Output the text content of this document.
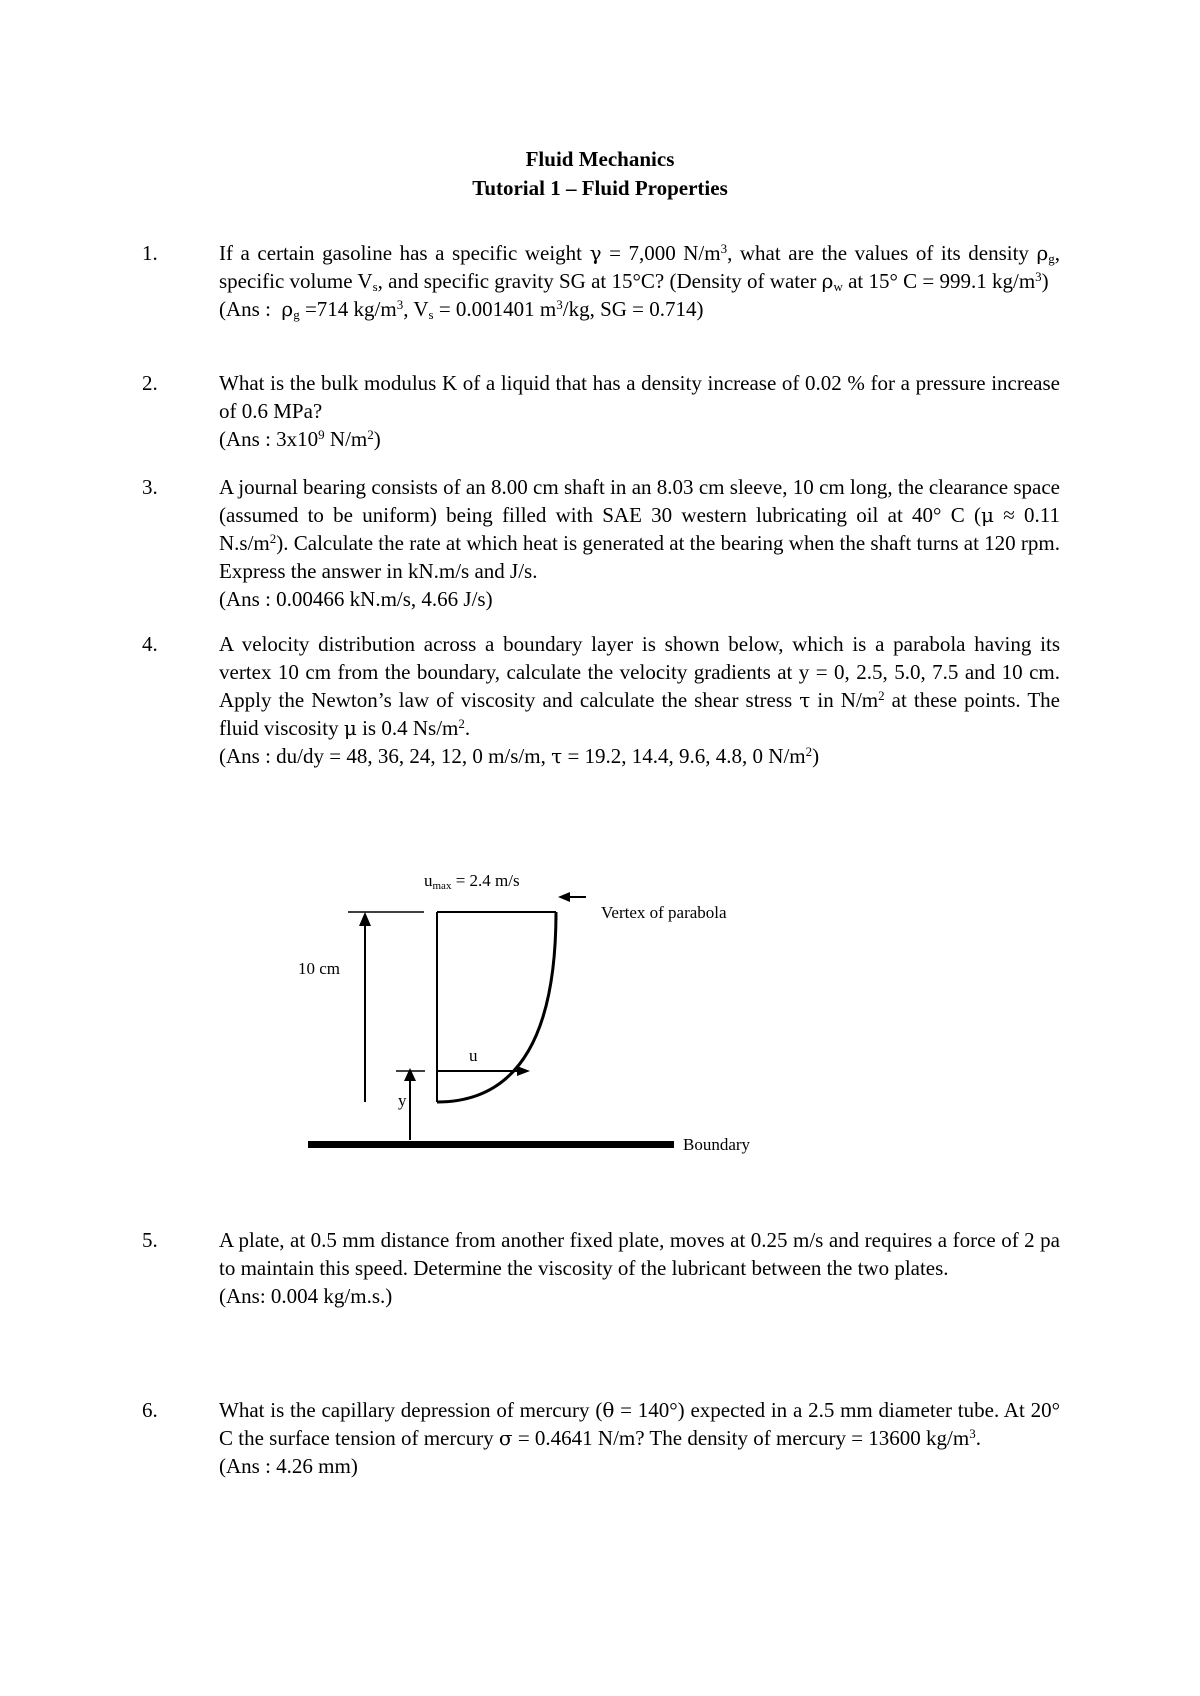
Fluid Mechanics
Tutorial 1 – Fluid Properties
1.	If a certain gasoline has a specific weight γ = 7,000 $N/m^3$, what are the values of its density $\rho_g$, specific volume $V_s$, and specific gravity SG at 15°C? (Density of water $\rho_w$ at 15° C = 999.1 $kg/m^3$)

(Ans :  $\rho_g =714$ $kg/m^3$, $V_s = 0.001401$ $m^3/kg$, SG = 0.714)

2.	What is the bulk modulus K of a liquid that has a density increase of 0.02 % for a pressure increase of 0.6 MPa?

(Ans : $3x10^9$ $N/m^2$)

3.	A journal bearing consists of an 8.00 cm shaft in an 8.03 cm sleeve, 10 cm long, the clearance space (assumed to be uniform) being filled with SAE 30 western lubricating oil at 40° C (μ ≈ 0.11 $N.s/m^2$). Calculate the rate at which heat is generated at the bearing when the shaft turns at 120 rpm. Express the answer in kN.m/s and J/s.

(Ans : 0.00466 kN.m/s, 4.66 J/s)

4.	A velocity distribution across a boundary layer is shown below, which is a parabola having its vertex 10 cm from the boundary, calculate the velocity gradients at y = 0, 2.5, 5.0, 7.5 and 10 cm. Apply the Newton’s law of viscosity and calculate the shear stress τ in $N/m^2$ at these points. The fluid viscosity μ is 0.4 $Ns/m^2$.

(Ans : du/dy = 48, 36, 24, 12, 0 m/s/m, τ = 19.2, 14.4, 9.6, 4.8, 0 $N/m^2$)

10 cm
u
y
Boundary
umax = 2.4 m/s
Vertex of parabola
5.	A plate, at 0.5 mm distance from another fixed plate, moves at 0.25 m/s and requires a force of 2 pa to maintain this speed. Determine the viscosity of the lubricant between the two plates.

(Ans: 0.004 kg/m.s.)

6.	What is the capillary depression of mercury (θ = 140°) expected in a 2.5 mm diameter tube. At 20° C the surface tension of mercury σ = 0.4641 N/m? The density of mercury = 13600 $kg/m^3$.

(Ans : 4.26 mm)
